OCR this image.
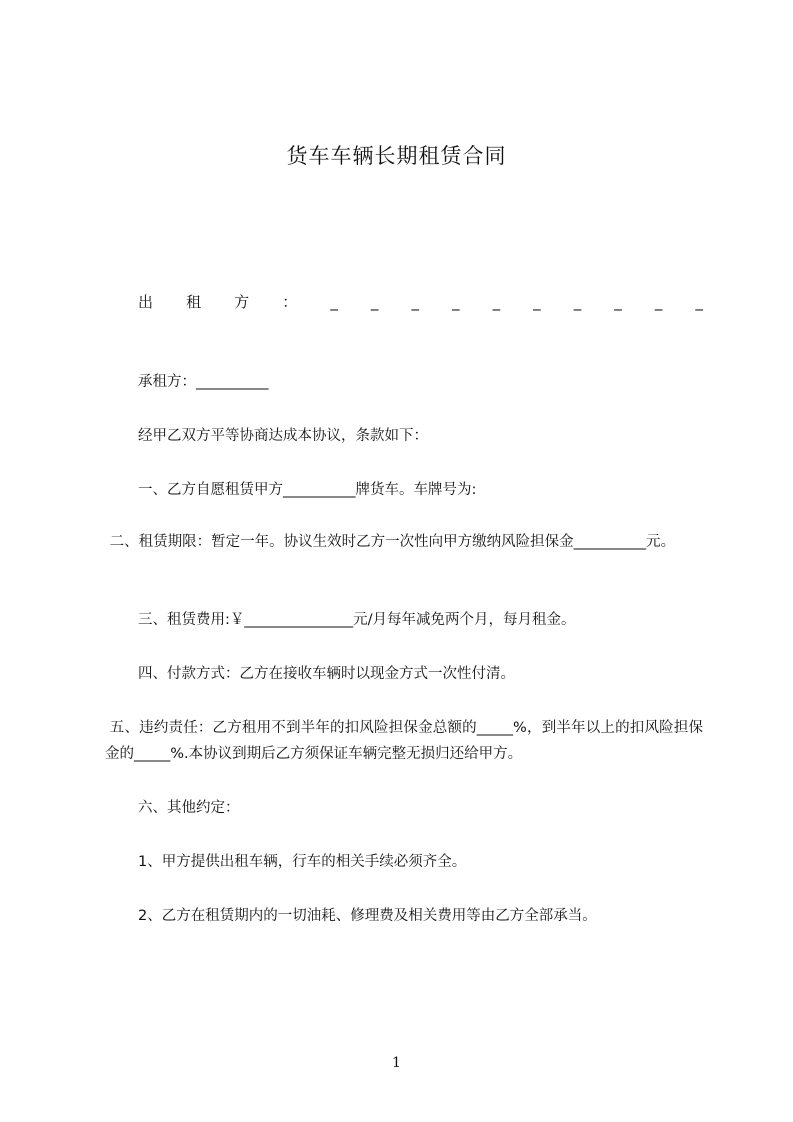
货车车辆长期租赁合同
出 租 方 ： _ _ _ _ _ _ _ _ _ _

承租方：__________

经甲乙双方平等协商达成本协议，条款如下：

一、乙方自愿租赁甲方__________牌货车。车牌号为:

二、租赁期限：暂定一年。协议生效时乙方一次性向甲方缴纳风险担保金__________元。

三、租赁费用:￥_______________元/月每年减免两个月，每月租金。

四、付款方式：乙方在接收车辆时以现金方式一次性付清。

五、违约责任：乙方租用不到半年的扣风险担保金总额的_____%，到半年以上的扣风险担保金的_____%.本协议到期后乙方须保证车辆完整无损归还给甲方。

六、其他约定：

1、甲方提供出租车辆，行车的相关手续必须齐全。

2、乙方在租赁期内的一切油耗、修理费及相关费用等由乙方全部承当。

1
